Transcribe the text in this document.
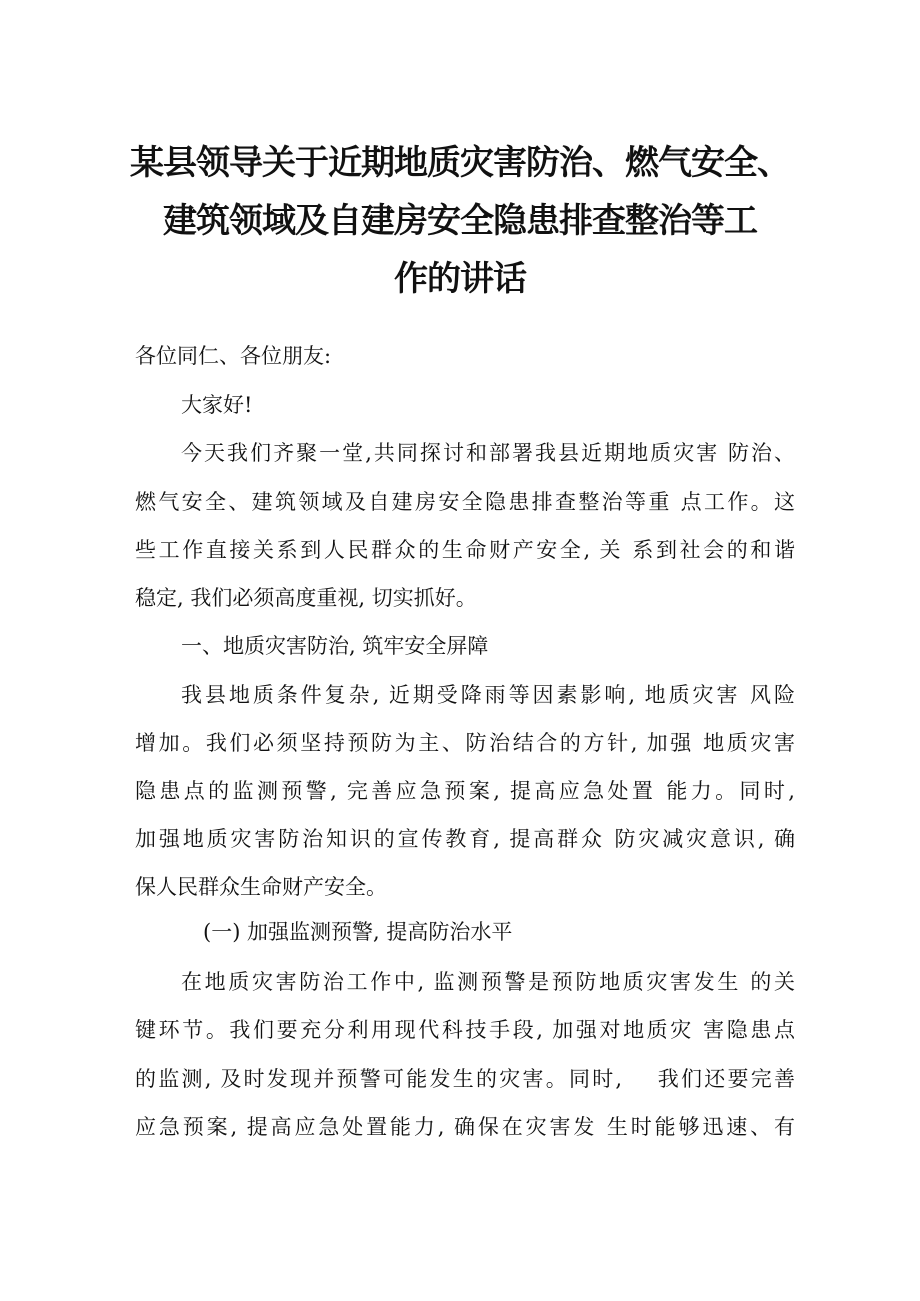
某县领导关于近期地质灾害防治、燃气安全、
建筑领域及自建房安全隐患排查整治等工
作的讲话
各位同仁、各位朋友:
大家好!
今天我们齐聚一堂,共同探讨和部署我县近期地质灾害 防治、
燃气安全、建筑领域及自建房安全隐患排查整治等重 点工作。这
些工作直接关系到人民群众的生命财产安全, 关 系到社会的和谐
稳定, 我们必须高度重视, 切实抓好。
一、地质灾害防治, 筑牢安全屏障
我县地质条件复杂, 近期受降雨等因素影响, 地质灾害 风险
增加。我们必须坚持预防为主、防治结合的方针, 加强 地质灾害
隐患点的监测预警, 完善应急预案, 提高应急处置 能力。同时,
加强地质灾害防治知识的宣传教育, 提高群众 防灾减灾意识, 确
保人民群众生命财产安全。
(一) 加强监测预警, 提高防治水平
在地质灾害防治工作中, 监测预警是预防地质灾害发生 的关
键环节。我们要充分利用现代科技手段, 加强对地质灾 害隐患点
的监测, 及时发现并预警可能发生的灾害。同时,    我们还要完善
应急预案, 提高应急处置能力, 确保在灾害发 生时能够迅速、有
